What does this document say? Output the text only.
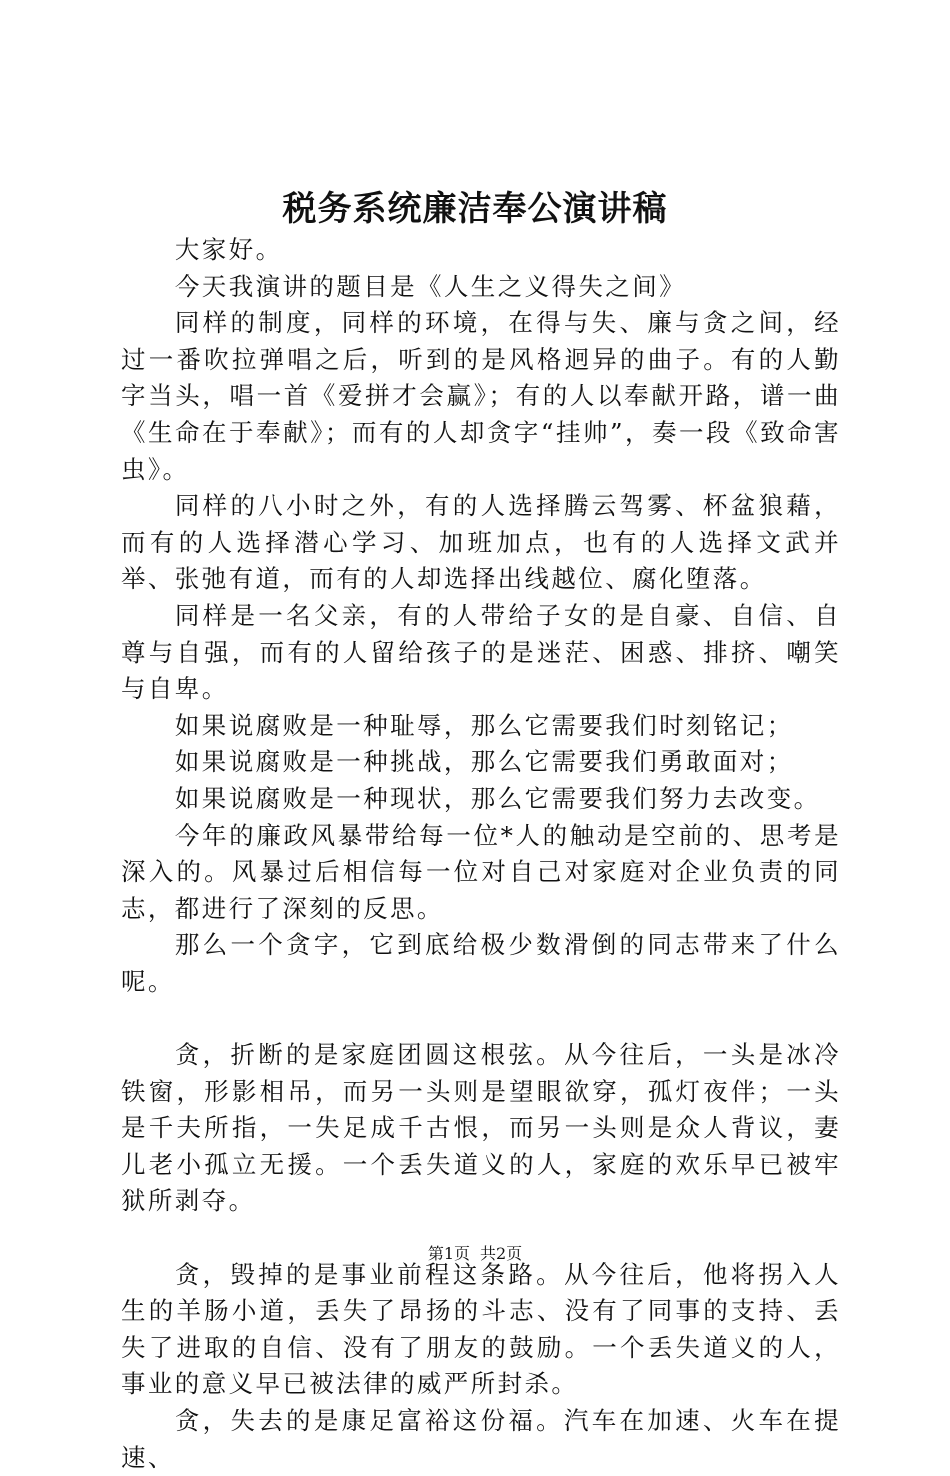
税务系统廉洁奉公演讲稿

大家好。

今天我演讲的题目是《人生之义得失之间》

同样的制度，同样的环境，在得与失、廉与贪之间，经过一番吹拉弹唱之后，听到的是风格迥异的曲子。有的人勤字当头，唱一首《爱拼才会赢》；有的人以奉献开路，谱一曲《生命在于奉献》；而有的人却贪字“挂帅”，奏一段《致命害虫》。

同样的八小时之外，有的人选择腾云驾雾、杯盆狼藉，而有的人选择潜心学习、加班加点，也有的人选择文武并举、张弛有道，而有的人却选择出线越位、腐化堕落。

同样是一名父亲，有的人带给子女的是自豪、自信、自尊与自强，而有的人留给孩子的是迷茫、困惑、排挤、嘲笑与自卑。

如果说腐败是一种耻辱，那么它需要我们时刻铭记；

如果说腐败是一种挑战，那么它需要我们勇敢面对；

如果说腐败是一种现状，那么它需要我们努力去改变。

今年的廉政风暴带给每一位*人的触动是空前的、思考是深入的。风暴过后相信每一位对自己对家庭对企业负责的同志，都进行了深刻的反思。

那么一个贪字，它到底给极少数滑倒的同志带来了什么呢。

贪，折断的是家庭团圆这根弦。从今往后，一头是冰冷铁窗，形影相吊，而另一头则是望眼欲穿，孤灯夜伴；一头是千夫所指，一失足成千古恨，而另一头则是众人背议，妻儿老小孤立无援。一个丢失道义的人，家庭的欢乐早已被牢狱所剥夺。

贪，毁掉的是事业前程这条路。从今往后，他将拐入人生的羊肠小道，丢失了昂扬的斗志、没有了同事的支持、丢失了进取的自信、没有了朋友的鼓励。一个丢失道义的人，事业的意义早已被法律的威严所封杀。

贪，失去的是康足富裕这份福。汽车在加速、火车在提速、

第1页 共2页
